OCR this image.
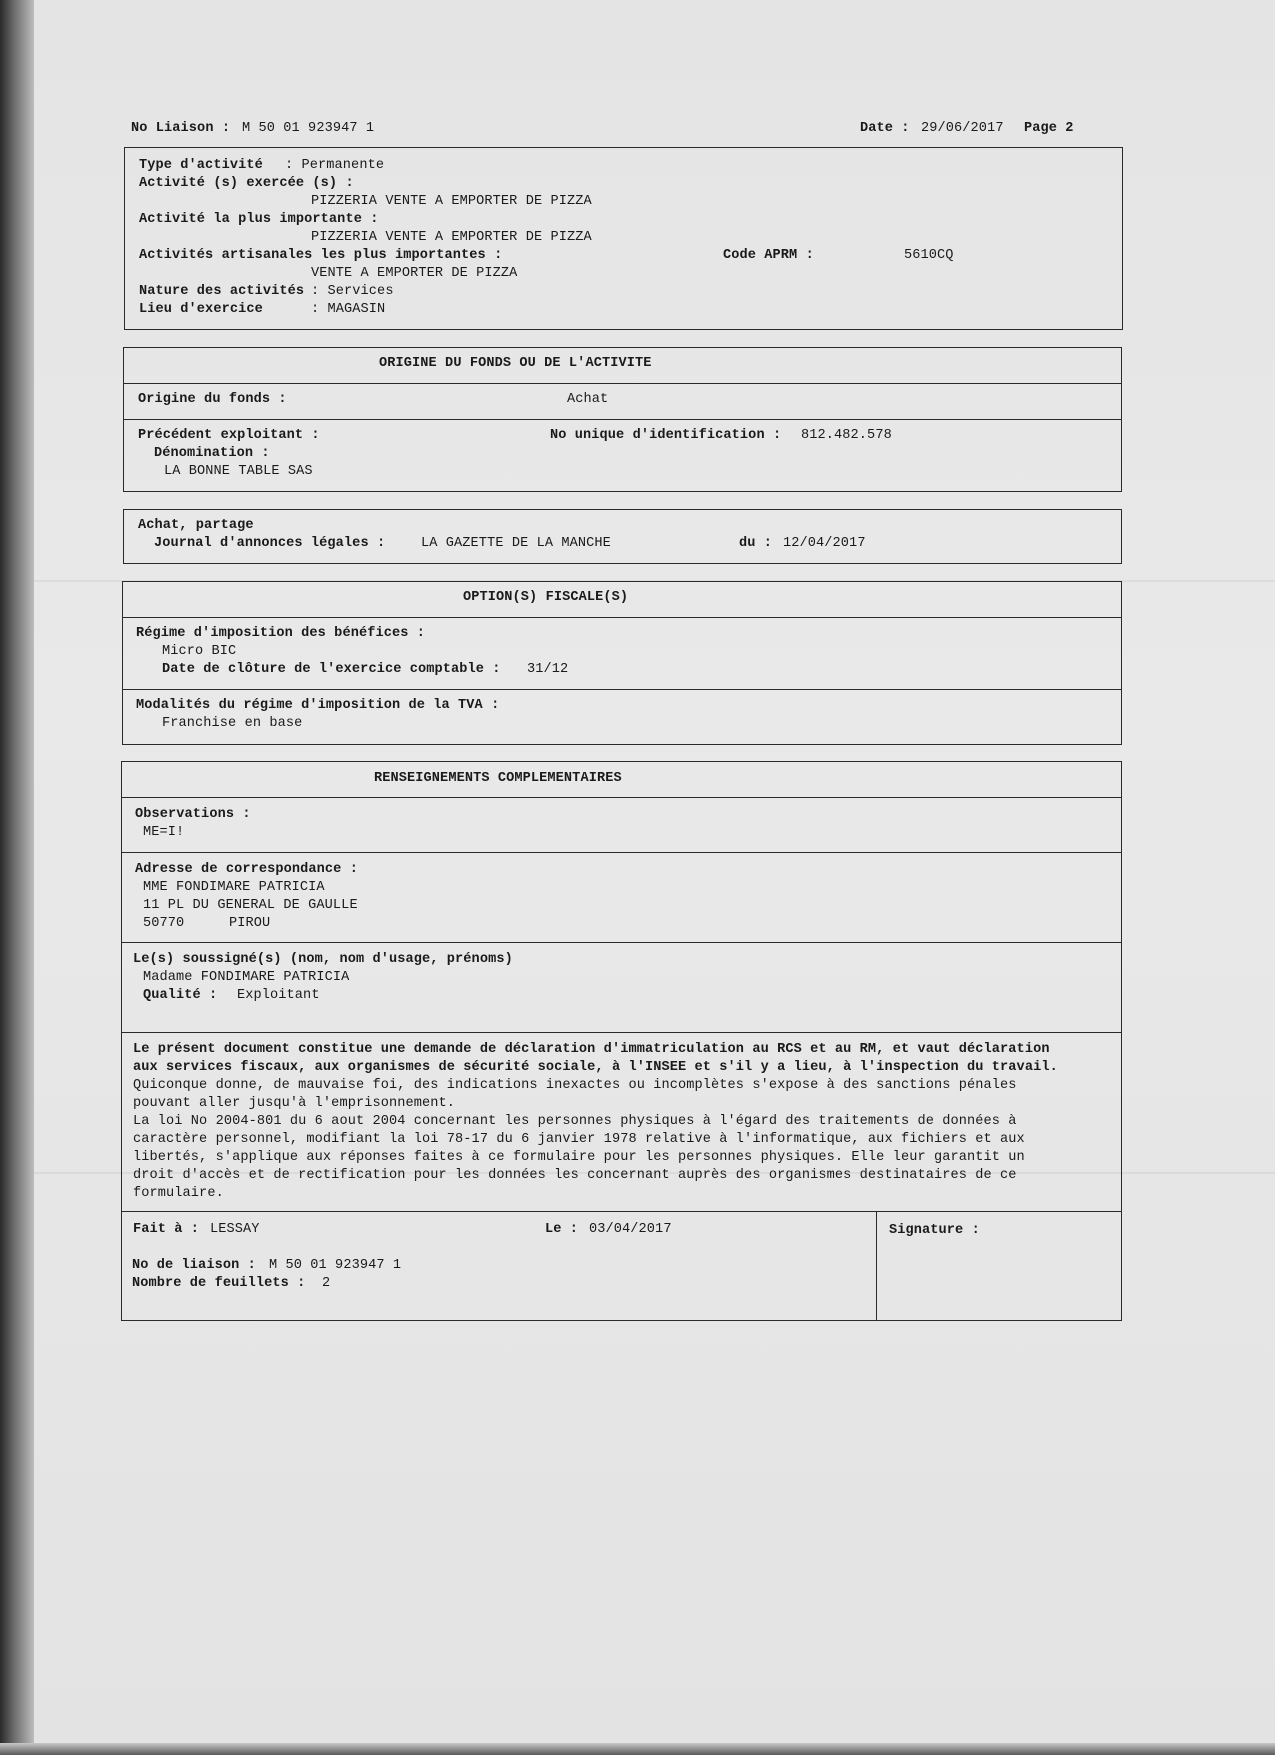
No Liaison : M 50 01 923947 1	Date : 29/06/2017 Page 2
Type d'activité : Permanente
Activité (s) exercée (s) :
PIZZERIA VENTE A EMPORTER DE PIZZA
Activité la plus importante :
PIZZERIA VENTE A EMPORTER DE PIZZA
Activités artisanales les plus importantes :	Code APRM :	5610CQ
VENTE A EMPORTER DE PIZZA
Nature des activités : Services
Lieu d'exercice	: MAGASIN
ORIGINE DU FONDS OU DE L'ACTIVITE
Origine du fonds :	Achat
Précédent exploitant :	No unique d'identification : 812.482.578
Dénomination :
LA BONNE TABLE SAS
Achat, partage
Journal d'annonces légales :	LA GAZETTE DE LA MANCHE	du : 12/04/2017
OPTION(S) FISCALE(S)
Régime d'imposition des bénéfices :
Micro BIC
Date de clôture de l'exercice comptable : 31/12
Modalités du régime d'imposition de la TVA :
Franchise en base
RENSEIGNEMENTS COMPLEMENTAIRES
Observations :
ME=I!
Adresse de correspondance :
MME FONDIMARE PATRICIA
11 PL DU GENERAL DE GAULLE
50770	PIROU
Le(s) soussigné(s) (nom, nom d'usage, prénoms)
Madame FONDIMARE PATRICIA
Qualité : Exploitant
Le présent document constitue une demande de déclaration d'immatriculation au RCS et au RM, et vaut déclaration
aux services fiscaux, aux organismes de sécurité sociale, à l'INSEE et s'il y a lieu, à l'inspection du travail.
Quiconque donne, de mauvaise foi, des indications inexactes ou incomplètes s'expose à des sanctions pénales
pouvant aller jusqu'à l'emprisonnement.
La loi No 2004-801 du 6 aout 2004 concernant les personnes physiques à l'égard des traitements de données à
caractère personnel, modifiant la loi 78-17 du 6 janvier 1978 relative à l'informatique, aux fichiers et aux
libertés, s'applique aux réponses faites à ce formulaire pour les personnes physiques. Elle leur garantit un
droit d'accès et de rectification pour les données les concernant auprès des organismes destinataires de ce
formulaire.
Fait à : LESSAY	Le : 03/04/2017	Signature :
No de liaison : M 50 01 923947 1
Nombre de feuillets : 2
